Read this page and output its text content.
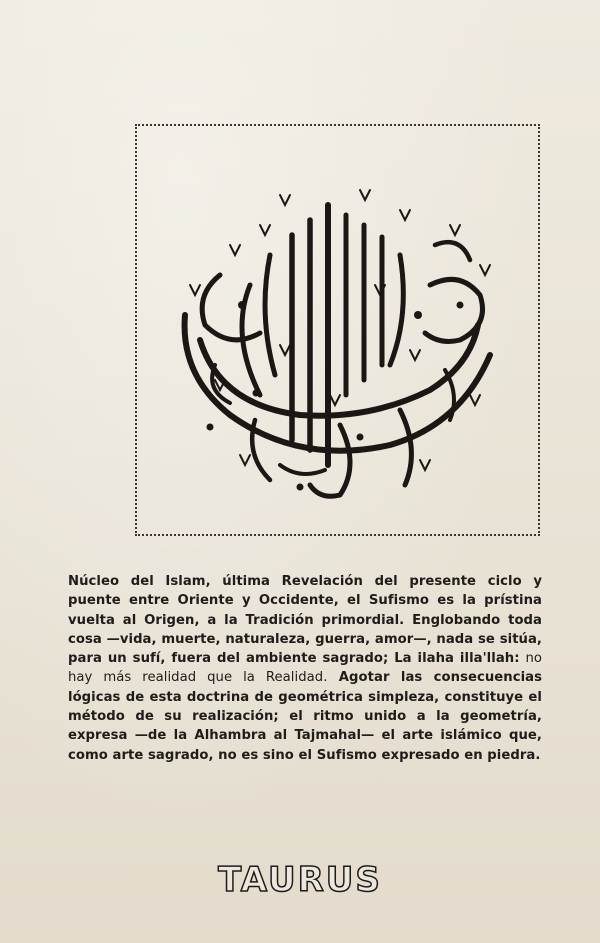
Núcleo del Islam, última Revelación del presente ciclo y puente entre Oriente y Occidente, el Sufismo es la prístina vuelta al Origen, a la Tradición primordial. Englobando toda cosa —vida, muerte, naturaleza, guerra, amor—, nada se sitúa, para un sufí, fuera del ambiente sagrado; La ilaha illa'llah: no hay más realidad que la Realidad. Agotar las consecuencias lógicas de esta doctrina de geométrica simpleza, constituye el método de su realización; el ritmo unido a la geometría, expresa —de la Alhambra al Tajmahal— el arte islámico que, como arte sagrado, no es sino el Sufismo expresado en piedra.

TAURUS
